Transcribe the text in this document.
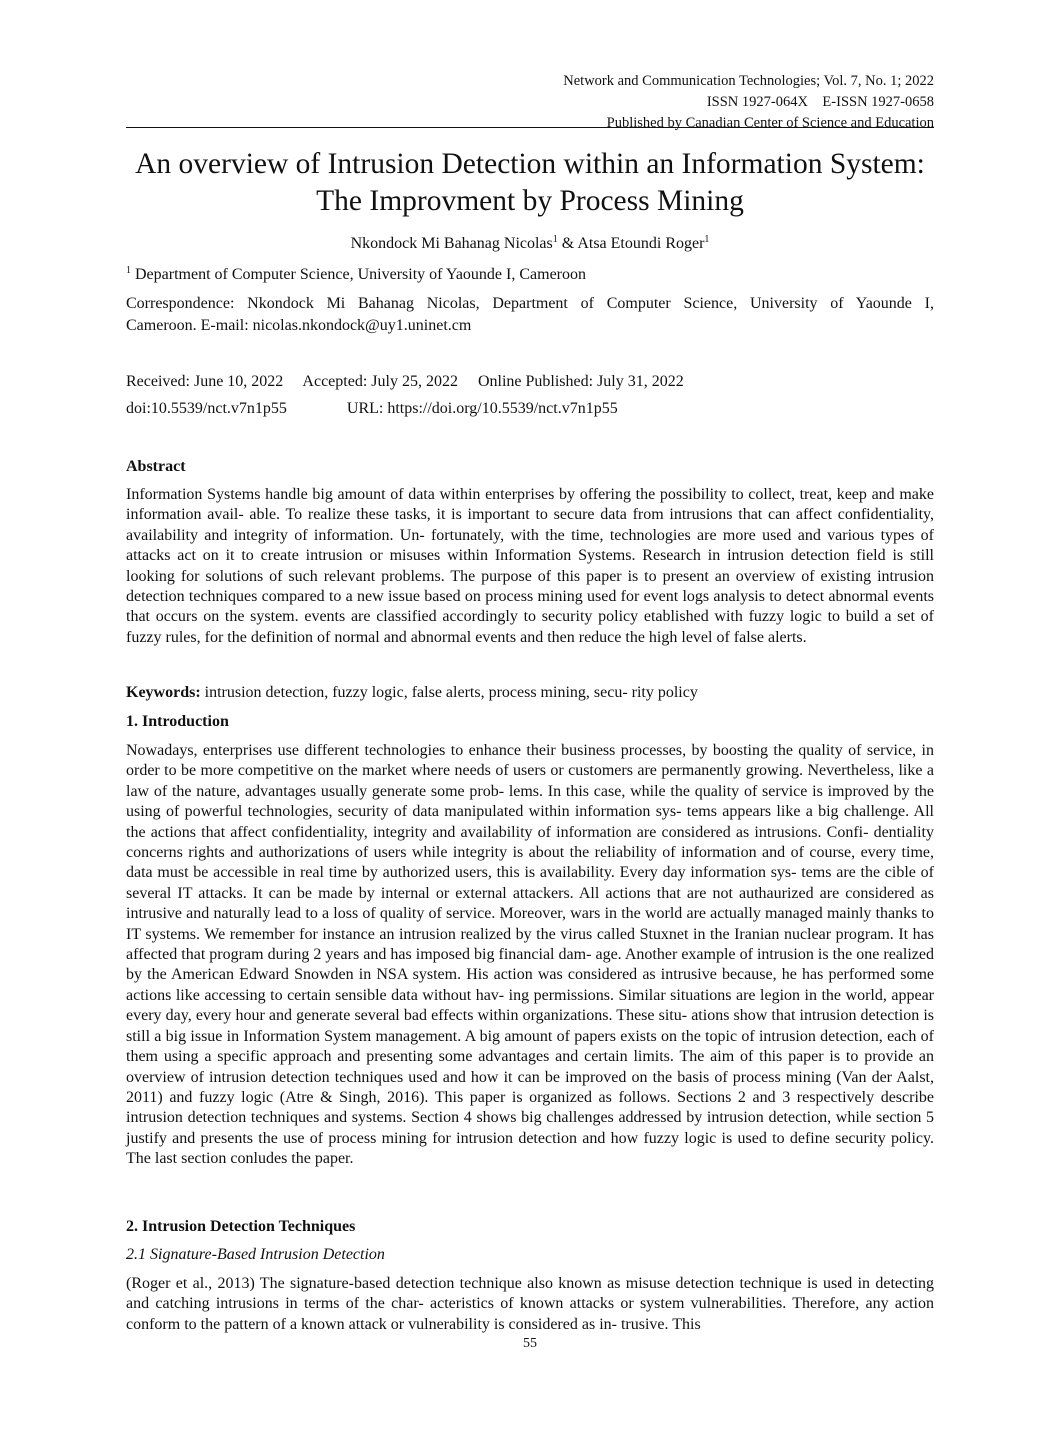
Network and Communication Technologies; Vol. 7, No. 1; 2022
ISSN 1927-064X    E-ISSN 1927-0658
Published by Canadian Center of Science and Education
An overview of Intrusion Detection within an Information System:
The Improvment by Process Mining
Nkondock Mi Bahanag Nicolas$^1$ & Atsa Etoundi Roger$^1$
$^1$ Department of Computer Science, University of Yaounde I, Cameroon
Correspondence: Nkondock Mi Bahanag Nicolas, Department of Computer Science, University of Yaounde I,
Cameroon. E-mail: nicolas.nkondock@uy1.uninet.cm
Received: June 10, 2022 Accepted: July 25, 2022 Online Published: July 31, 2022
doi:10.5539/nct.v7n1p55	URL: https://doi.org/10.5539/nct.v7n1p55
Abstract
Information Systems handle big amount of data within enterprises by offering the possibility to collect, treat, keep and make information avail- able. To realize these tasks, it is important to secure data from intrusions that can affect confidentiality, availability and integrity of information. Un- fortunately, with the time, technologies are more used and various types of attacks act on it to create intrusion or misuses within Information Systems. Research in intrusion detection field is still looking for solutions of such relevant problems. The purpose of this paper is to present an overview of existing intrusion detection techniques compared to a new issue based on process mining used for event logs analysis to detect abnormal events that occurs on the system. events are classified accordingly to security policy etablished with fuzzy logic to build a set of fuzzy rules, for the definition of normal and abnormal events and then reduce the high level of false alerts.
Keywords: intrusion detection, fuzzy logic, false alerts, process mining, secu- rity policy
1. Introduction
Nowadays, enterprises use different technologies to enhance their business processes, by boosting the quality of service, in order to be more competitive on the market where needs of users or customers are permanently growing. Nevertheless, like a law of the nature, advantages usually generate some prob- lems. In this case, while the quality of service is improved by the using of powerful technologies, security of data manipulated within information sys- tems appears like a big challenge. All the actions that affect confidentiality, integrity and availability of information are considered as intrusions. Confi- dentiality concerns rights and authorizations of users while integrity is about the reliability of information and of course, every time, data must be accessible in real time by authorized users, this is availability. Every day information sys- tems are the cible of several IT attacks. It can be made by internal or external attackers. All actions that are not authaurized are considered as intrusive and naturally lead to a loss of quality of service. Moreover, wars in the world are actually managed mainly thanks to IT systems. We remember for instance an intrusion realized by the virus called Stuxnet in the Iranian nuclear program. It has affected that program during 2 years and has imposed big financial dam- age. Another example of intrusion is the one realized by the American Edward Snowden in NSA system. His action was considered as intrusive because, he has performed some actions like accessing to certain sensible data without hav- ing permissions. Similar situations are legion in the world, appear every day, every hour and generate several bad effects within organizations. These situ- ations show that intrusion detection is still a big issue in Information System management. A big amount of papers exists on the topic of intrusion detection, each of them using a specific approach and presenting some advantages and certain limits. The aim of this paper is to provide an overview of intrusion detection techniques used and how it can be improved on the basis of process mining (Van der Aalst, 2011) and fuzzy logic (Atre & Singh, 2016). This paper is organized as follows. Sections 2 and 3 respectively describe intrusion detection techniques and systems. Section 4 shows big challenges addressed by intrusion detection, while section 5 justify and presents the use of process mining for intrusion detection and how fuzzy logic is used to define security policy. The last section conludes the paper.
2. Intrusion Detection Techniques
2.1 Signature-Based Intrusion Detection
(Roger et al., 2013) The signature-based detection technique also known as misuse detection technique is used in detecting and catching intrusions in terms of the char- acteristics of known attacks or system vulnerabilities. Therefore, any action conform to the pattern of a known attack or vulnerability is considered as in- trusive. This
55
